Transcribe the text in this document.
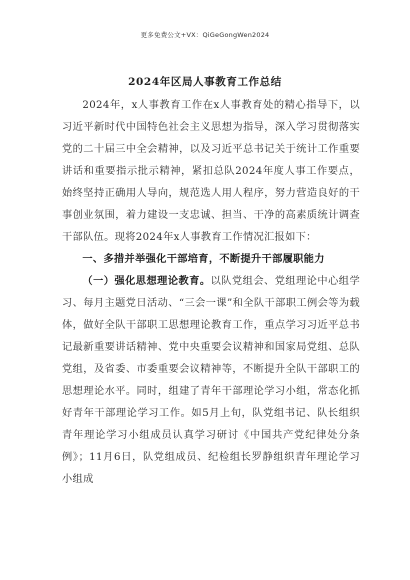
更多免费公文+VX：QiGeGongWen2024
2024年区局人事教育工作总结

2024年，x人事教育工作在x人事教育处的精心指导下，以习近平新时代中国特色社会主义思想为指导，深入学习贯彻落实党的二十届三中全会精神，以及习近平总书记关于统计工作重要讲话和重要指示批示精神，紧扣总队2024年度人事工作要点，始终坚持正确用人导向，规范选人用人程序，努力营造良好的干事创业氛围，着力建设一支忠诚、担当、干净的高素质统计调查干部队伍。现将2024年x人事教育工作情况汇报如下：

一、多措并举强化干部培育，不断提升干部履职能力

（一）强化思想理论教育。以队党组会、党组理论中心组学习、每月主题党日活动、“三会一课”和全队干部职工例会等为载体，做好全队干部职工思想理论教育工作，重点学习习近平总书记最新重要讲话精神、党中央重要会议精神和国家局党组、总队党组，及省委、市委重要会议精神等，不断提升全队干部职工的思想理论水平。同时，组建了青年干部理论学习小组，常态化抓好青年干部理论学习工作。如5月上旬，队党组书记、队长组织青年理论学习小组成员认真学习研讨《中国共产党纪律处分条例》；11月6日，队党组成员、纪检组长罗静组织青年理论学习小组成
